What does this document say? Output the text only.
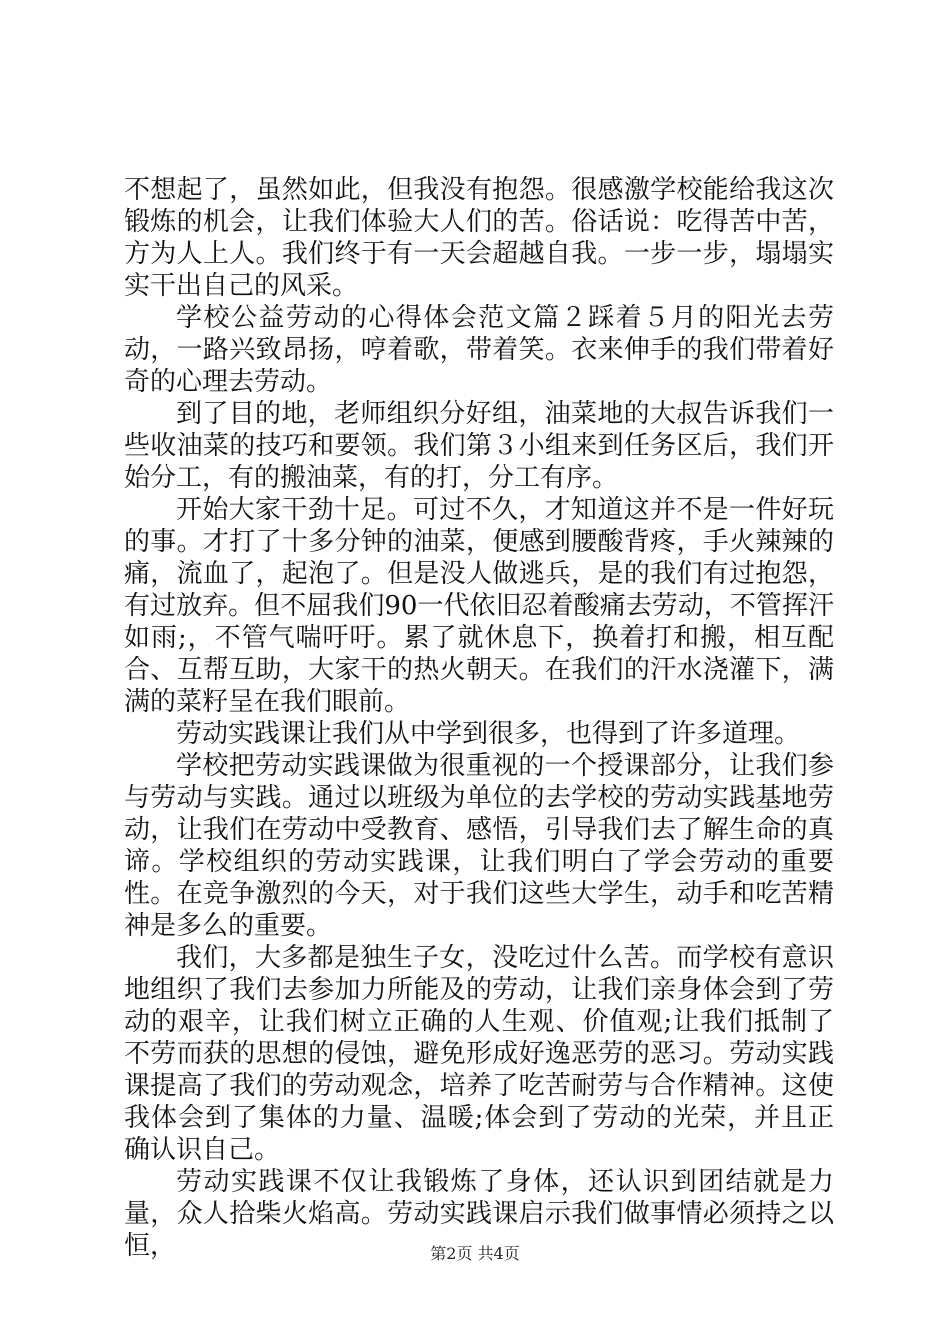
不想起了，虽然如此，但我没有抱怨。很感激学校能给我这次锻炼的机会，让我们体验大人们的苦。俗话说：吃得苦中苦，方为人上人。我们终于有一天会超越自我。一步一步，塌塌实实干出自己的风采。

学校公益劳动的心得体会范文篇２踩着５月的阳光去劳动，一路兴致昂扬，哼着歌，带着笑。衣来伸手的我们带着好奇的心理去劳动。

到了目的地，老师组织分好组，油菜地的大叔告诉我们一些收油菜的技巧和要领。我们第３小组来到任务区后，我们开始分工，有的搬油菜，有的打，分工有序。

开始大家干劲十足。可过不久，才知道这并不是一件好玩的事。才打了十多分钟的油菜，便感到腰酸背疼，手火辣辣的痛，流血了，起泡了。但是没人做逃兵，是的我们有过抱怨，有过放弃。但不屈我们90一代依旧忍着酸痛去劳动，不管挥汗如雨;，不管气喘吁吁。累了就休息下，换着打和搬，相互配合、互帮互助，大家干的热火朝天。在我们的汗水浇灌下，满满的菜籽呈在我们眼前。

劳动实践课让我们从中学到很多，也得到了许多道理。

学校把劳动实践课做为很重视的一个授课部分，让我们参与劳动与实践。通过以班级为单位的去学校的劳动实践基地劳动，让我们在劳动中受教育、感悟，引导我们去了解生命的真谛。学校组织的劳动实践课，让我们明白了学会劳动的重要性。在竞争激烈的今天，对于我们这些大学生，动手和吃苦精神是多么的重要。

我们，大多都是独生子女，没吃过什么苦。而学校有意识地组织了我们去参加力所能及的劳动，让我们亲身体会到了劳动的艰辛，让我们树立正确的人生观、价值观;让我们抵制了不劳而获的思想的侵蚀，避免形成好逸恶劳的恶习。劳动实践课提高了我们的劳动观念，培养了吃苦耐劳与合作精神。这使我体会到了集体的力量、温暖;体会到了劳动的光荣，并且正确认识自己。

劳动实践课不仅让我锻炼了身体，还认识到团结就是力量，众人拾柴火焰高。劳动实践课启示我们做事情必须持之以恒，	第2页 共4页
